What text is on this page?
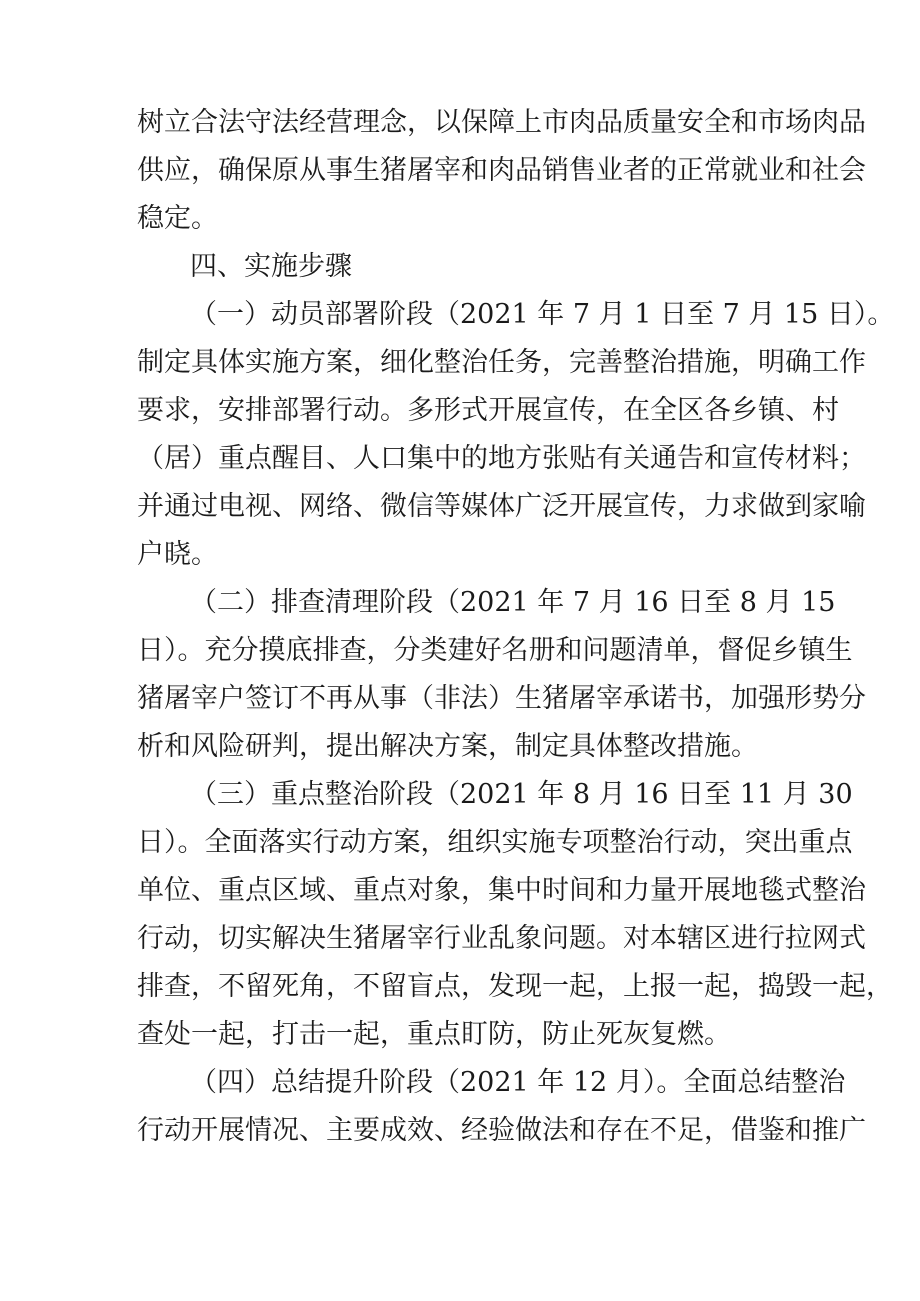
树立合法守法经营理念，以保障上市肉品质量安全和市场肉品
供应，确保原从事生猪屠宰和肉品销售业者的正常就业和社会
稳定。
四、实施步骤
（一）动员部署阶段（2021 年 7 月 1 日至 7 月 15 日）。
制定具体实施方案，细化整治任务，完善整治措施，明确工作
要求，安排部署行动。多形式开展宣传，在全区各乡镇、村
（居）重点醒目、人口集中的地方张贴有关通告和宣传材料；
并通过电视、网络、微信等媒体广泛开展宣传，力求做到家喻
户晓。
（二）排查清理阶段（2021 年 7 月 16 日至 8 月 15
日）。充分摸底排查，分类建好名册和问题清单，督促乡镇生
猪屠宰户签订不再从事（非法）生猪屠宰承诺书，加强形势分
析和风险研判，提出解决方案，制定具体整改措施。
（三）重点整治阶段（2021 年 8 月 16 日至 11 月 30
日）。全面落实行动方案，组织实施专项整治行动，突出重点
单位、重点区域、重点对象，集中时间和力量开展地毯式整治
行动，切实解决生猪屠宰行业乱象问题。对本辖区进行拉网式
排查，不留死角，不留盲点，发现一起，上报一起，捣毁一起，
查处一起，打击一起，重点盯防，防止死灰复燃。
（四）总结提升阶段（2021 年 12 月）。全面总结整治
行动开展情况、主要成效、经验做法和存在不足，借鉴和推广
